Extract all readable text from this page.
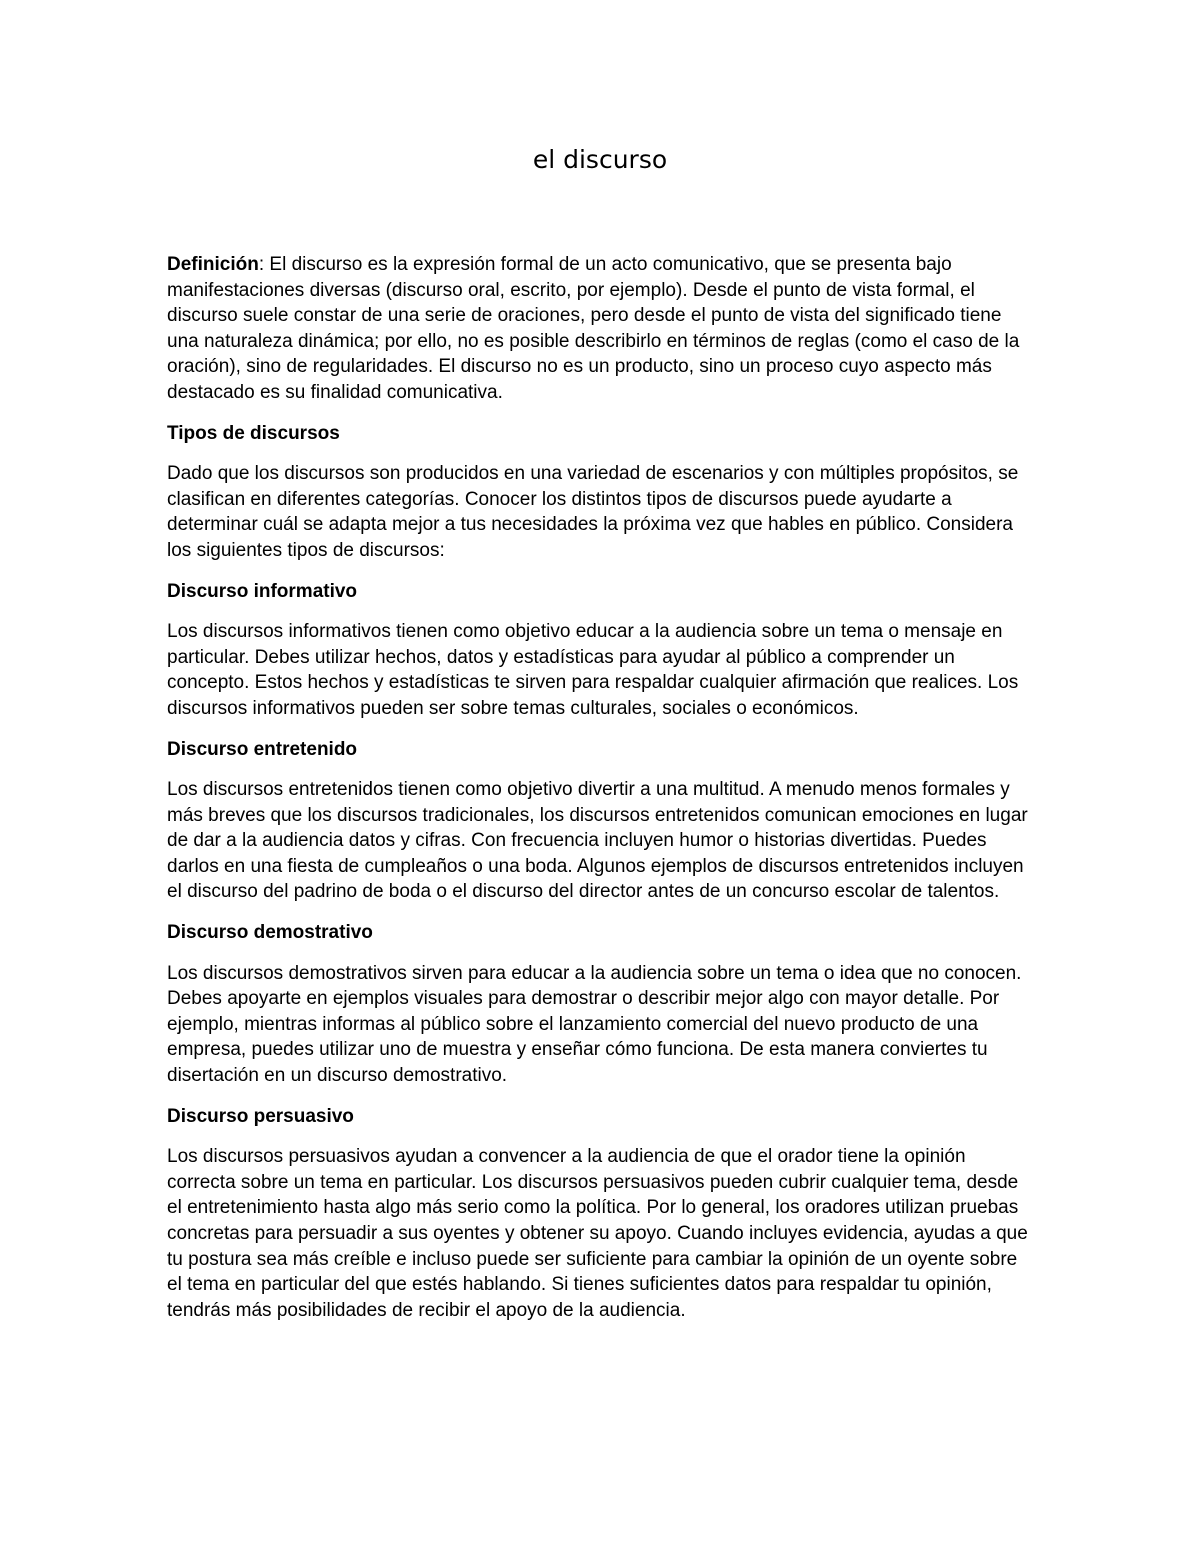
el discurso

Definición: El discurso es la expresión formal de un acto comunicativo, que se presenta bajo manifestaciones diversas (discurso oral, escrito, por ejemplo). Desde el punto de vista formal, el discurso suele constar de una serie de oraciones, pero desde el punto de vista del significado tiene una naturaleza dinámica; por ello, no es posible describirlo en términos de reglas (como el caso de la oración), sino de regularidades. El discurso no es un producto, sino un proceso cuyo aspecto más destacado es su finalidad comunicativa.

Tipos de discursos

Dado que los discursos son producidos en una variedad de escenarios y con múltiples propósitos, se clasifican en diferentes categorías. Conocer los distintos tipos de discursos puede ayudarte a determinar cuál se adapta mejor a tus necesidades la próxima vez que hables en público. Considera los siguientes tipos de discursos:

Discurso informativo

Los discursos informativos tienen como objetivo educar a la audiencia sobre un tema o mensaje en particular. Debes utilizar hechos, datos y estadísticas para ayudar al público a comprender un concepto. Estos hechos y estadísticas te sirven para respaldar cualquier afirmación que realices. Los discursos informativos pueden ser sobre temas culturales, sociales o económicos.

Discurso entretenido

Los discursos entretenidos tienen como objetivo divertir a una multitud. A menudo menos formales y más breves que los discursos tradicionales, los discursos entretenidos comunican emociones en lugar de dar a la audiencia datos y cifras. Con frecuencia incluyen humor o historias divertidas. Puedes darlos en una fiesta de cumpleaños o una boda. Algunos ejemplos de discursos entretenidos incluyen el discurso del padrino de boda o el discurso del director antes de un concurso escolar de talentos.

Discurso demostrativo

Los discursos demostrativos sirven para educar a la audiencia sobre un tema o idea que no conocen. Debes apoyarte en ejemplos visuales para demostrar o describir mejor algo con mayor detalle. Por ejemplo, mientras informas al público sobre el lanzamiento comercial del nuevo producto de una empresa, puedes utilizar uno de muestra y enseñar cómo funciona. De esta manera conviertes tu disertación en un discurso demostrativo.

Discurso persuasivo

Los discursos persuasivos ayudan a convencer a la audiencia de que el orador tiene la opinión correcta sobre un tema en particular. Los discursos persuasivos pueden cubrir cualquier tema, desde el entretenimiento hasta algo más serio como la política. Por lo general, los oradores utilizan pruebas concretas para persuadir a sus oyentes y obtener su apoyo. Cuando incluyes evidencia, ayudas a que tu postura sea más creíble e incluso puede ser suficiente para cambiar la opinión de un oyente sobre el tema en particular del que estés hablando. Si tienes suficientes datos para respaldar tu opinión, tendrás más posibilidades de recibir el apoyo de la audiencia.
